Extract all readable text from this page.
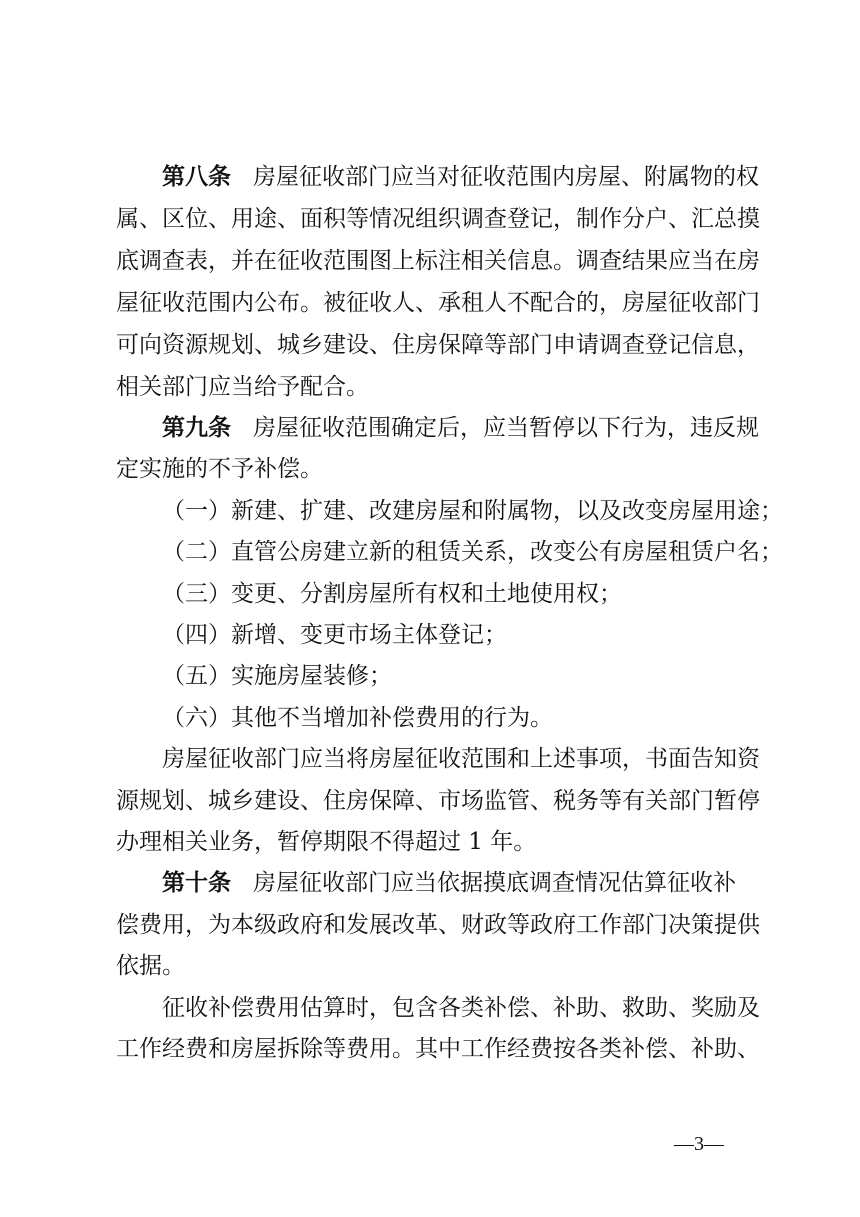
第八条 房屋征收部门应当对征收范围内房屋、附属物的权
属、区位、用途、面积等情况组织调查登记，制作分户、汇总摸
底调查表，并在征收范围图上标注相关信息。调查结果应当在房
屋征收范围内公布。被征收人、承租人不配合的，房屋征收部门
可向资源规划、城乡建设、住房保障等部门申请调查登记信息，
相关部门应当给予配合。
第九条 房屋征收范围确定后，应当暂停以下行为，违反规
定实施的不予补偿。
（一）新建、扩建、改建房屋和附属物，以及改变房屋用途；
（二）直管公房建立新的租赁关系，改变公有房屋租赁户名；
（三）变更、分割房屋所有权和土地使用权；
（四）新增、变更市场主体登记；
（五）实施房屋装修；
（六）其他不当增加补偿费用的行为。
房屋征收部门应当将房屋征收范围和上述事项，书面告知资
源规划、城乡建设、住房保障、市场监管、税务等有关部门暂停
办理相关业务，暂停期限不得超过 1 年。
第十条 房屋征收部门应当依据摸底调查情况估算征收补
偿费用，为本级政府和发展改革、财政等政府工作部门决策提供
依据。
征收补偿费用估算时，包含各类补偿、补助、救助、奖励及
工作经费和房屋拆除等费用。其中工作经费按各类补偿、补助、
—3—
